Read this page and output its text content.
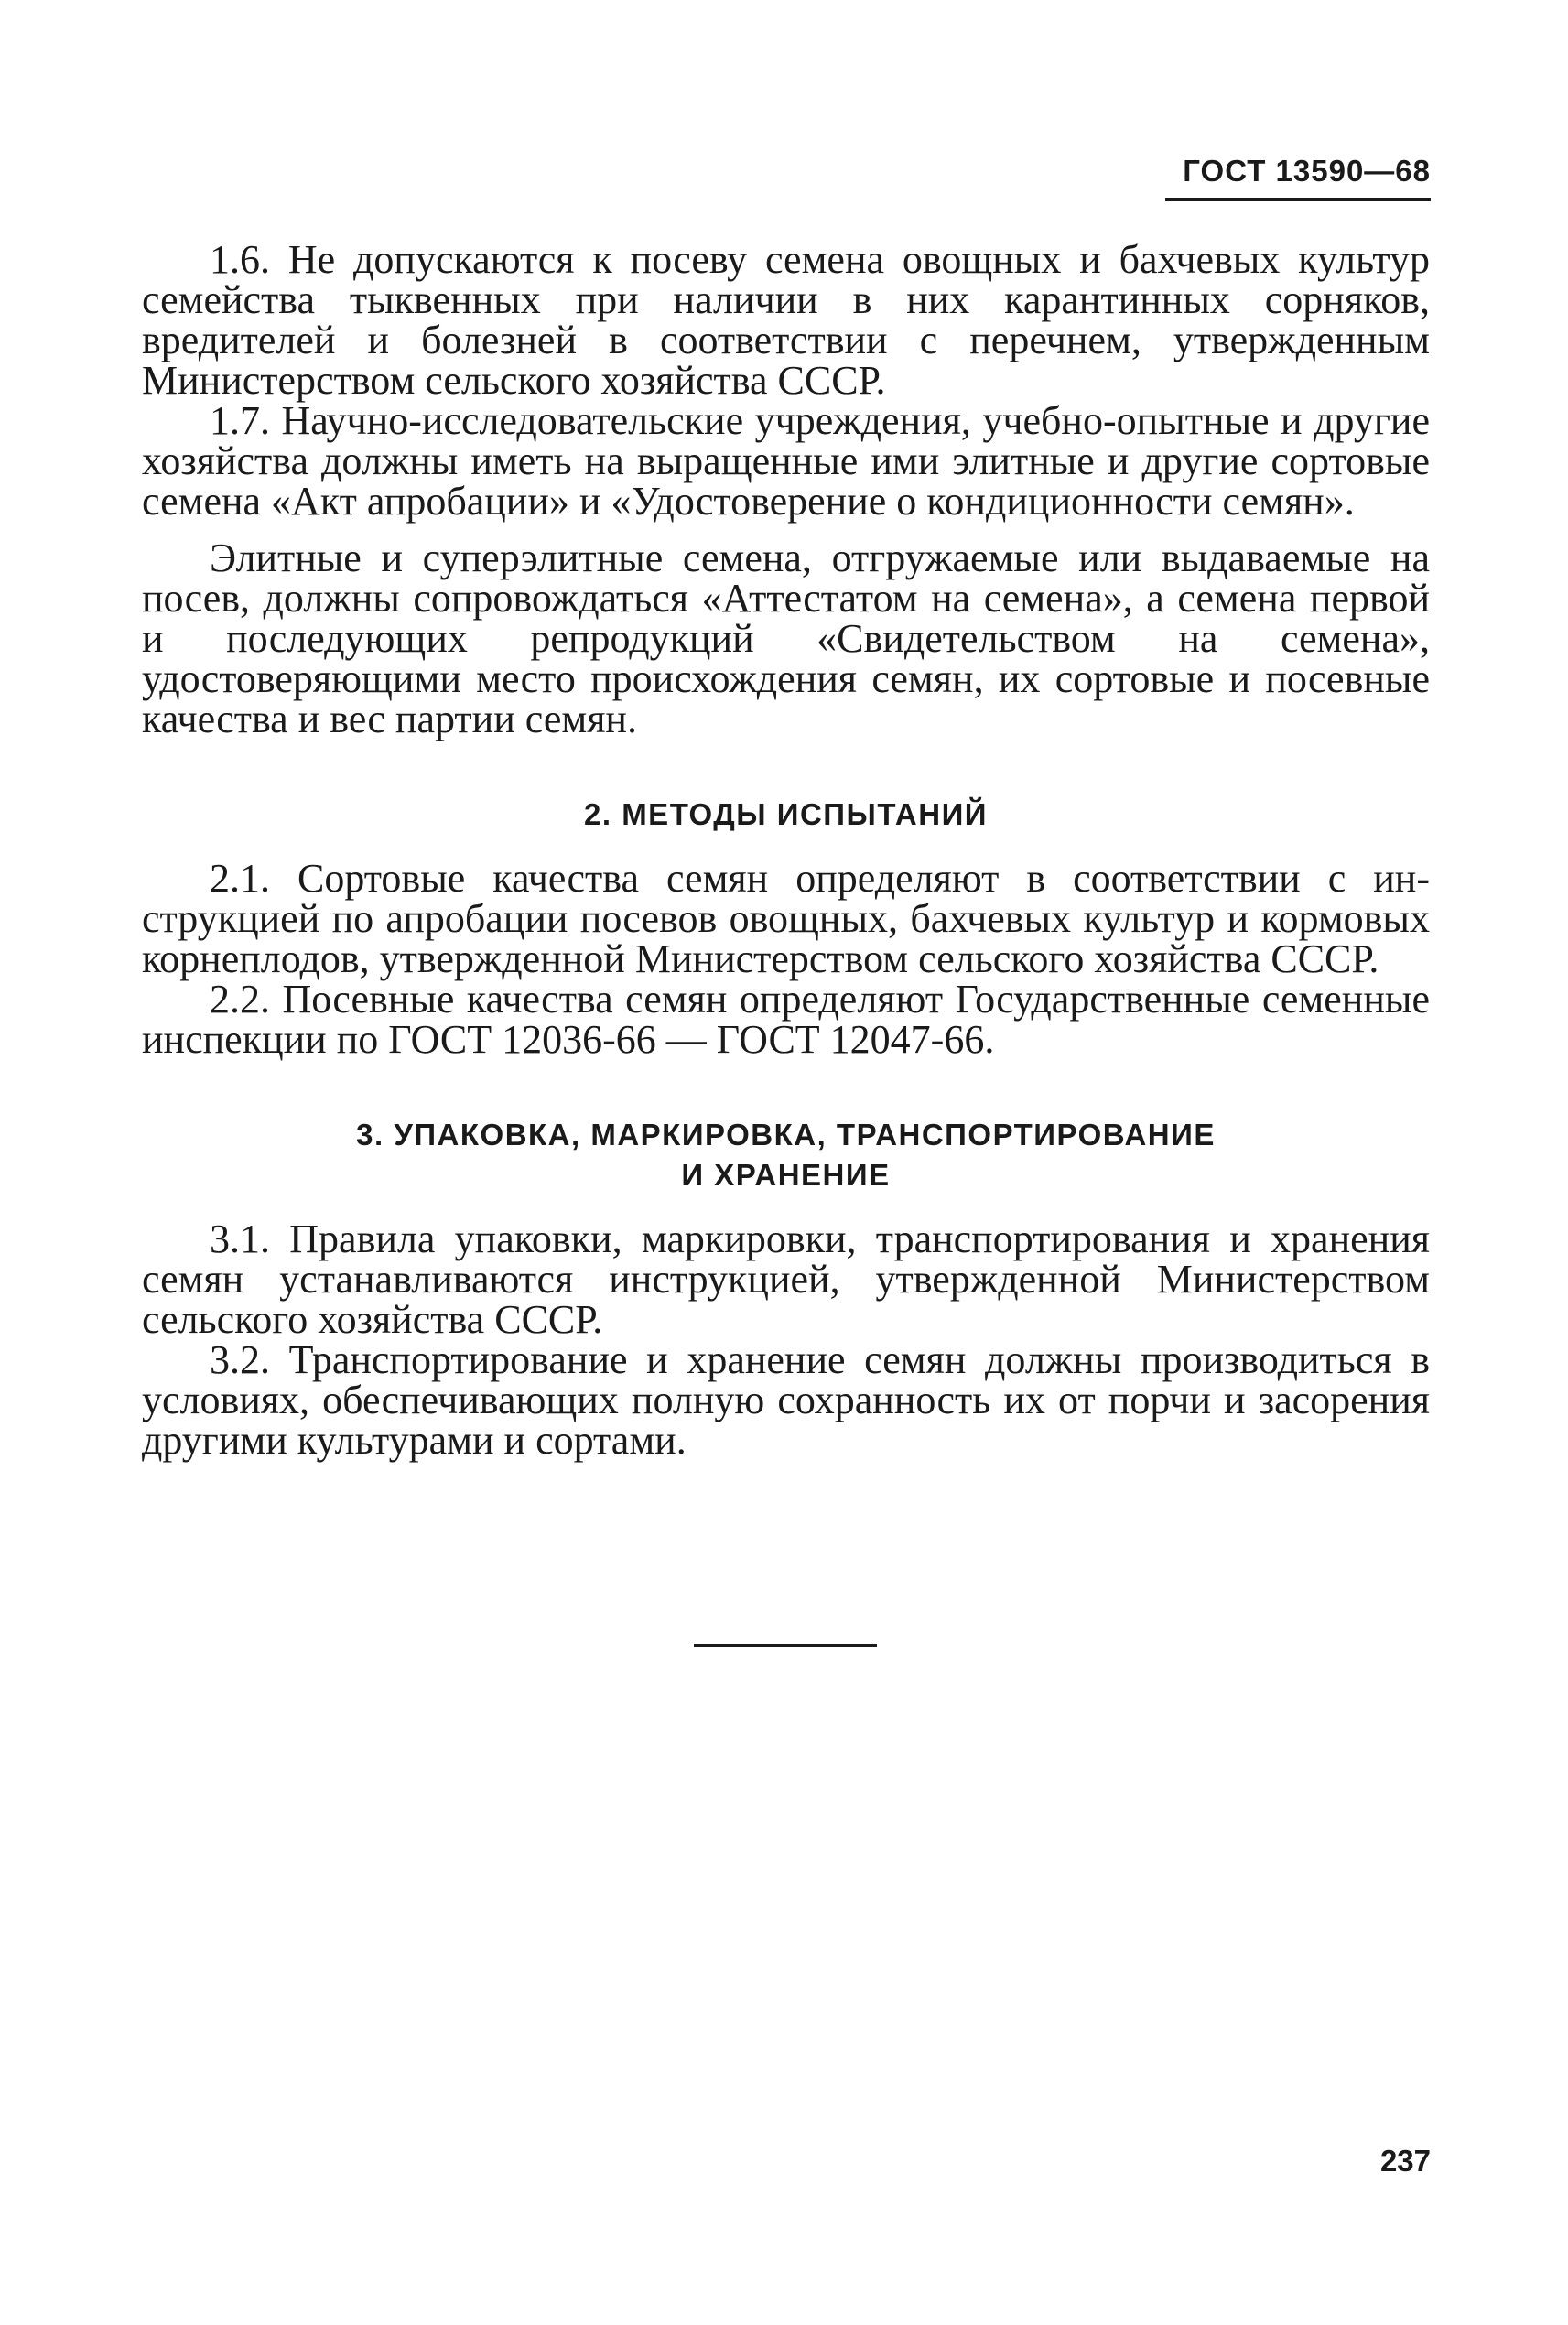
ГОСТ 13590—68

1.6. Не допускаются к посеву семена овощных и бахчевых культур семейства тыквенных при наличии в них карантинных сорняков, вредителей и болезней в соответствии с перечнем, утвержденным Министерством сельского хозяйства СССР.

1.7. Научно-исследовательские учреждения, учебно-опытные и другие хозяйства должны иметь на выращенные ими элитные и другие сортовые семена «Акт апробации» и «Удостоверение о кондиционности семян».

Элитные и суперэлитные семена, отгружаемые или выдаваемые на посев, должны сопровождаться «Аттестатом на семена», а семена первой и последующих репродукций «Свидетельством на семена», удостоверяющими место происхождения семян, их сортовые и посевные качества и вес партии семян.

2. МЕТОДЫ ИСПЫТАНИЙ

2.1. Сортовые качества семян определяют в соответствии с инструкцией по апробации посевов овощных, бахчевых культур и кормовых корнеплодов, утвержденной Министерством сельского хозяйства СССР.

2.2. Посевные качества семян определяют Государственные семенные инспекции по ГОСТ 12036-66 — ГОСТ 12047-66.

3. УПАКОВКА, МАРКИРОВКА, ТРАНСПОРТИРОВАНИЕ
И ХРАНЕНИЕ

3.1. Правила упаковки, маркировки, транспортирования и хранения семян устанавливаются инструкцией, утвержденной Министерством сельского хозяйства СССР.

3.2. Транспортирование и хранение семян должны производиться в условиях, обеспечивающих полную сохранность их от порчи и засорения другими культурами и сортами.

237
